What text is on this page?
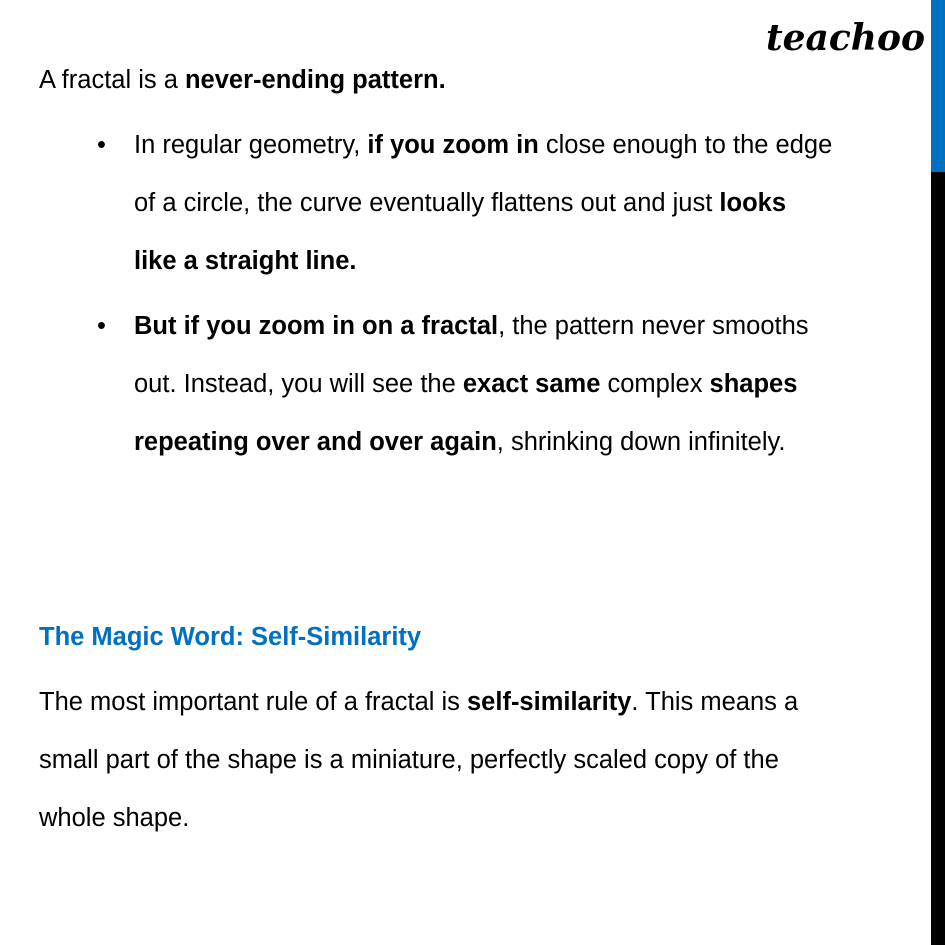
teachoo
A fractal is a never-ending pattern.
• In regular geometry, if you zoom in close enough to the edge
of a circle, the curve eventually flattens out and just looks
like a straight line.
• But if you zoom in on a fractal, the pattern never smooths
out. Instead, you will see the exact same complex shapes
repeating over and over again, shrinking down infinitely.
The Magic Word: Self-Similarity
The most important rule of a fractal is self-similarity. This means a
small part of the shape is a miniature, perfectly scaled copy of the
whole shape.
